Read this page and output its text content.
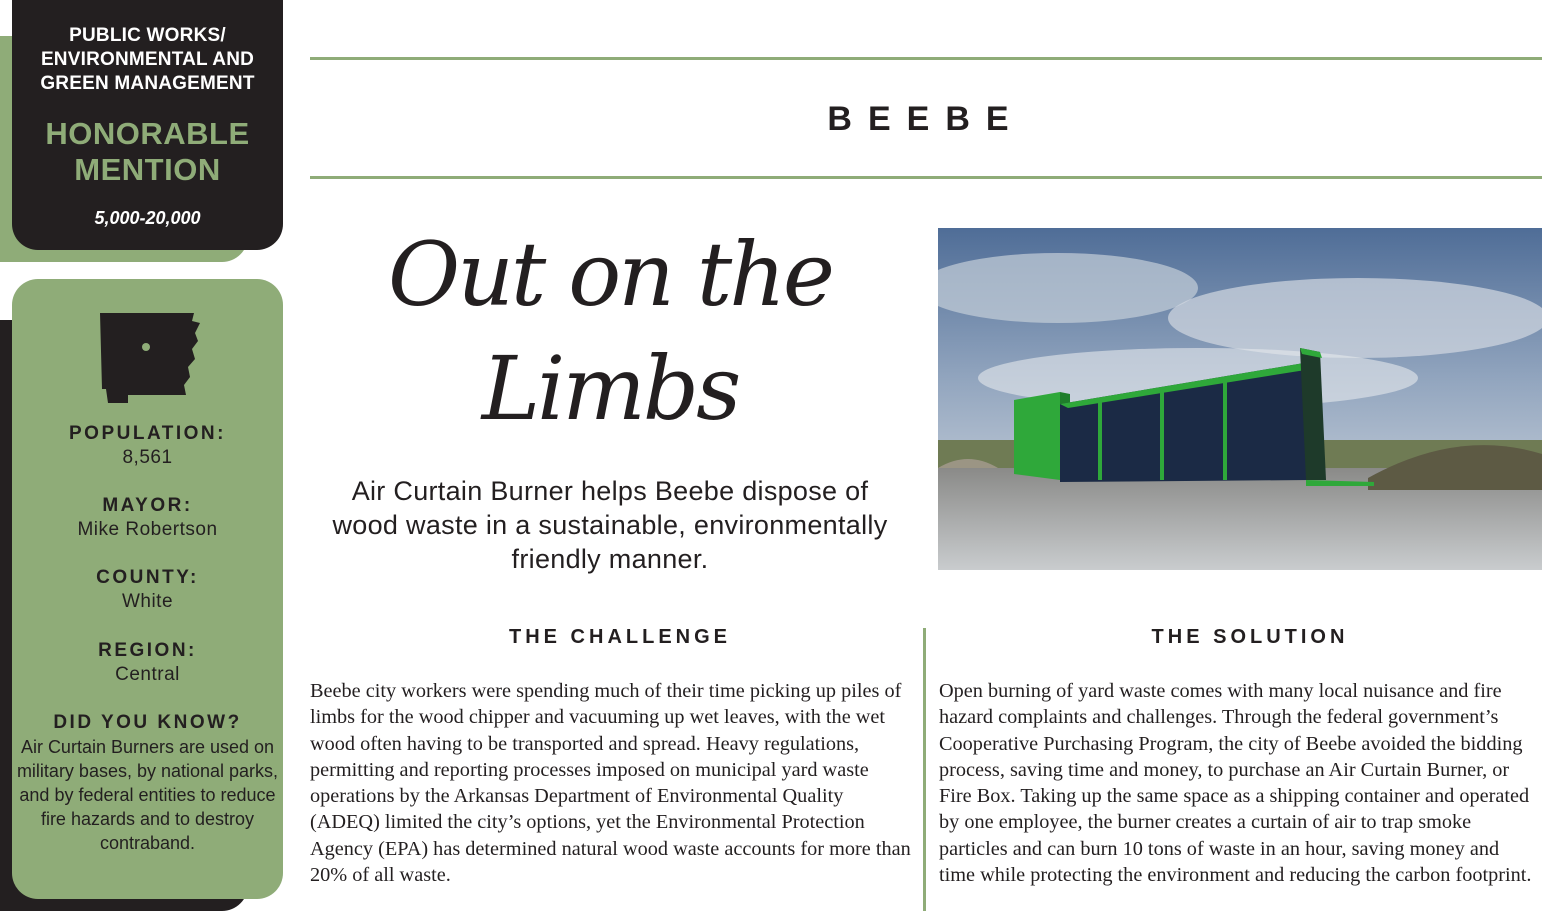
PUBLIC WORKS/ ENVIRONMENTAL AND GREEN MANAGEMENT
HONORABLE MENTION
5,000-20,000
POPULATION:
8,561
MAYOR:
Mike Robertson
COUNTY:
White
REGION:
Central
DID YOU KNOW?
Air Curtain Burners are used on military bases, by national parks, and by federal entities to reduce fire hazards and to destroy contraband.
BEEBE
Out on the Limbs
Air Curtain Burner helps Beebe dispose of wood waste in a sustainable, environmentally friendly manner.
THE CHALLENGE
Beebe city workers were spending much of their time picking up piles of limbs for the wood chipper and vacuuming up wet leaves, with the wet wood often having to be transported and spread. Heavy regulations, permitting and reporting processes imposed on municipal yard waste operations by the Arkansas Department of Environmental Quality (ADEQ) limited the city’s options, yet the Environmental Protection Agency (EPA) has determined natural wood waste accounts for more than 20% of all waste.
THE SOLUTION
Open burning of yard waste comes with many local nuisance and fire hazard complaints and challenges. Through the federal government’s Cooperative Purchasing Program, the city of Beebe avoided the bidding process, saving time and money, to purchase an Air Curtain Burner, or Fire Box. Taking up the same space as a shipping container and operated by one employee, the burner creates a curtain of air to trap smoke particles and can burn 10 tons of waste in an hour, saving money and time while protecting the environment and reducing the carbon footprint.
